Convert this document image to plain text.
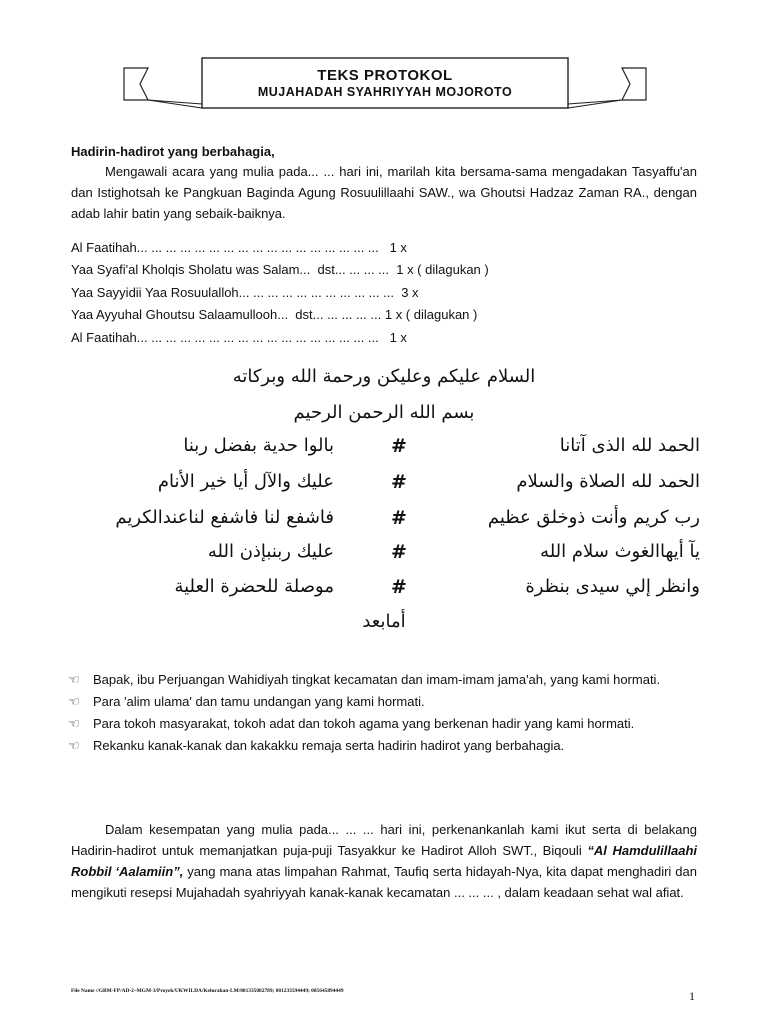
TEKS PROTOKOL
MUJAHADAH SYAHRIYYAH MOJOROTO
Hadirin-hadirot yang berbahagia,
Mengawali acara yang mulia pada... ... hari ini, marilah kita bersama-sama mengadakan Tasyaffu'an dan Istighotsah ke Pangkuan Baginda Agung Rosuulillaahi SAW., wa Ghoutsi Hadzaz Zaman RA., dengan adab lahir batin yang sebaik-baiknya.
Al Faatihah... ... ... ... ... ... ... ... ... ... ... ... ... ... ... ... ...   1 x
Yaa Syafi'al Kholqis Sholatu was Salam...  dst... ... ... ...  1 x ( dilagukan )
Yaa Sayyidii Yaa Rosuulalloh... ... ... ... ... ... ... ... ... ... ...  3 x
Yaa Ayyuhal Ghoutsu Salaamullooh...  dst... ... ... ... ... 1 x ( dilagukan )
Al Faatihah... ... ... ... ... ... ... ... ... ... ... ... ... ... ... ... ...   1 x
السلام عليكم وعليكن ورحمة الله وبركاته
بسم الله الرحمن الرحيم
الحمد لله الذى آتانا
#
بالوا حدية بفضل ربنا
الحمد لله الصلاة والسلام
#
عليك والآل أيا خير الأنام
رب كريم وأنت ذوخلق عظيم
#
فاشفع لنا فاشفع لناعندالكريم
يآ أيهاالغوث سلام الله
#
عليك ربنبإذن الله
وانظر إلي سيدى بنظرة
#
موصلة للحضرة العلية
أمابعد
☜ Bapak, ibu Perjuangan Wahidiyah tingkat kecamatan dan imam-imam jama'ah, yang kami hormati.
☜ Para 'alim ulama' dan tamu undangan yang kami hormati.
☜ Para tokoh masyarakat, tokoh adat dan tokoh agama yang berkenan hadir yang kami hormati.
☜ Rekanku kanak-kanak dan kakakku remaja serta hadirin hadirot yang berbahagia.
Dalam kesempatan yang mulia pada... ... ... hari ini, perkenankanlah kami ikut serta di belakang Hadirin-hadirot untuk memanjatkan puja-puji Tasyakkur ke Hadirot Alloh SWT., Biqouli “Al Hamdulillaahi Robbil ‘Aalamiin”, yang mana atas limpahan Rahmat, Taufiq serta hidayah-Nya, kita dapat menghadiri dan mengikuti resepsi Mujahadah syahriyyah kanak-kanak kecamatan ... ... ... , dalam keadaan sehat wal afiat.
File Name //GBM-FP/AD-2~MGM-3/Proyek/UKWILDA/Kelurahan-LM/081335082789; 081233594449; 085645894449	1
